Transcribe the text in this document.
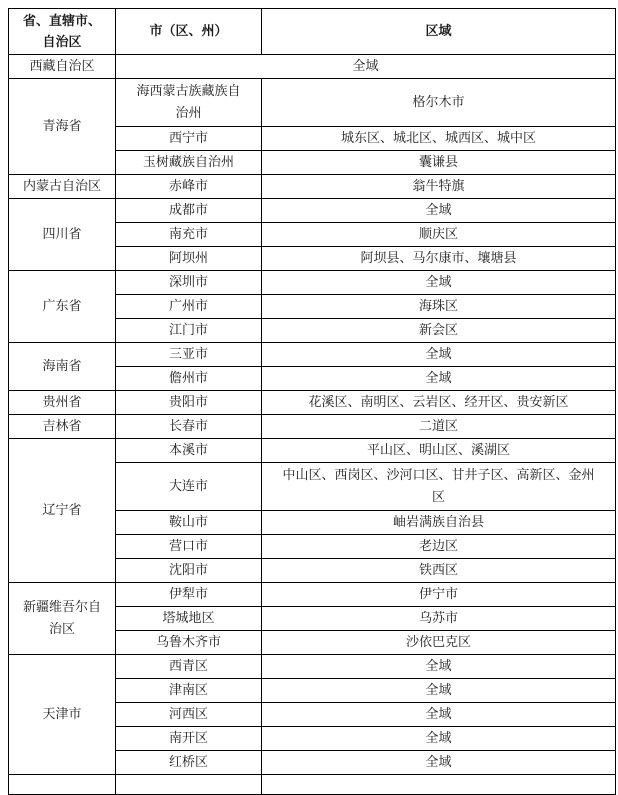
省、直辖市、自治区	市（区、州）	区域
西藏自治区	全域	
青海省	海西蒙古族藏族自治州	格尔木市
	西宁市	城东区、城北区、城西区、城中区
	玉树藏族自治州	囊谦县
内蒙古自治区	赤峰市	翁牛特旗
四川省	成都市	全域
	南充市	顺庆区
	阿坝州	阿坝县、马尔康市、壤塘县
广东省	深圳市	全域
	广州市	海珠区
	江门市	新会区
海南省	三亚市	全域
	儋州市	全域
贵州省	贵阳市	花溪区、南明区、云岩区、经开区、贵安新区
吉林省	长春市	二道区
辽宁省	本溪市	平山区、明山区、溪湖区
	大连市	中山区、西岗区、沙河口区、甘井子区、高新区、金州区
	鞍山市	岫岩满族自治县
	营口市	老边区
	沈阳市	铁西区
新疆维吾尔自治区	伊犁市	伊宁市
	塔城地区	乌苏市
	乌鲁木齐市	沙依巴克区
天津市	西青区	全域
	津南区	全域
	河西区	全域
	南开区	全域
	红桥区	全域
